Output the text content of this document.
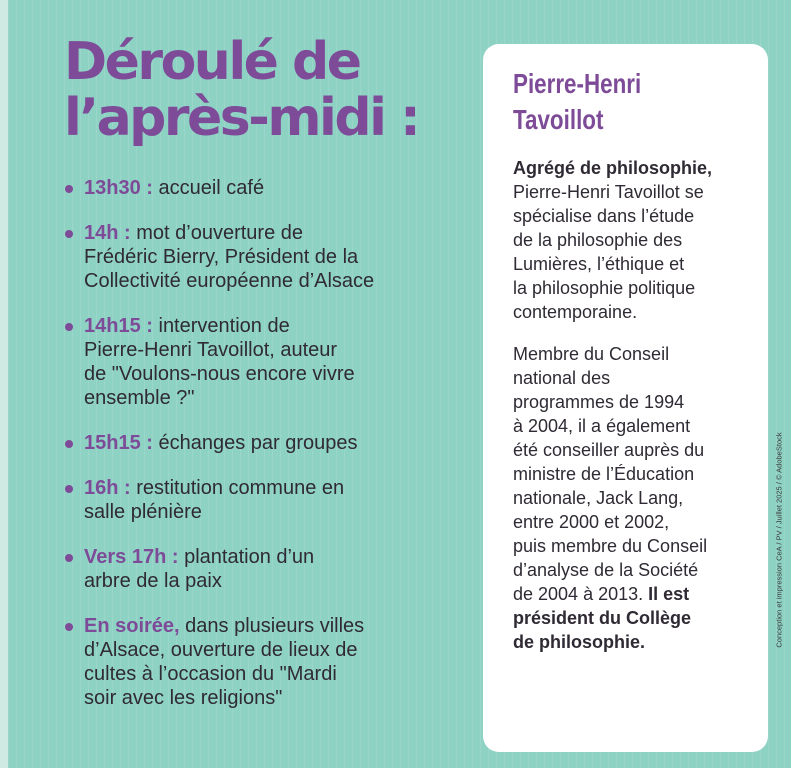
Déroulé de
l’après-midi :
13h30 : accueil café
14h : mot d’ouverture de
Frédéric Bierry, Président de la
Collectivité européenne d’Alsace
14h15 : intervention de
Pierre-Henri Tavoillot, auteur
de "Voulons-nous encore vivre
ensemble ?"
15h15 : échanges par groupes
16h : restitution commune en
salle plénière
Vers 17h : plantation d’un
arbre de la paix
En soirée, dans plusieurs villes
d’Alsace, ouverture de lieux de
cultes à l’occasion du "Mardi
soir avec les religions"
Pierre-Henri
Tavoillot

Agrégé de philosophie,
Pierre-Henri Tavoillot se
spécialise dans l’étude
de la philosophie des
Lumières, l’éthique et
la philosophie politique
contemporaine.

Membre du Conseil
national des
programmes de 1994
à 2004, il a également
été conseiller auprès du
ministre de l’Éducation
nationale, Jack Lang,
entre 2000 et 2002,
puis membre du Conseil
d’analyse de la Société
de 2004 à 2013. Il est
président du Collège
de philosophie.	Conception et impression CeA / PV / Juillet 2025 / © AdobeStock
